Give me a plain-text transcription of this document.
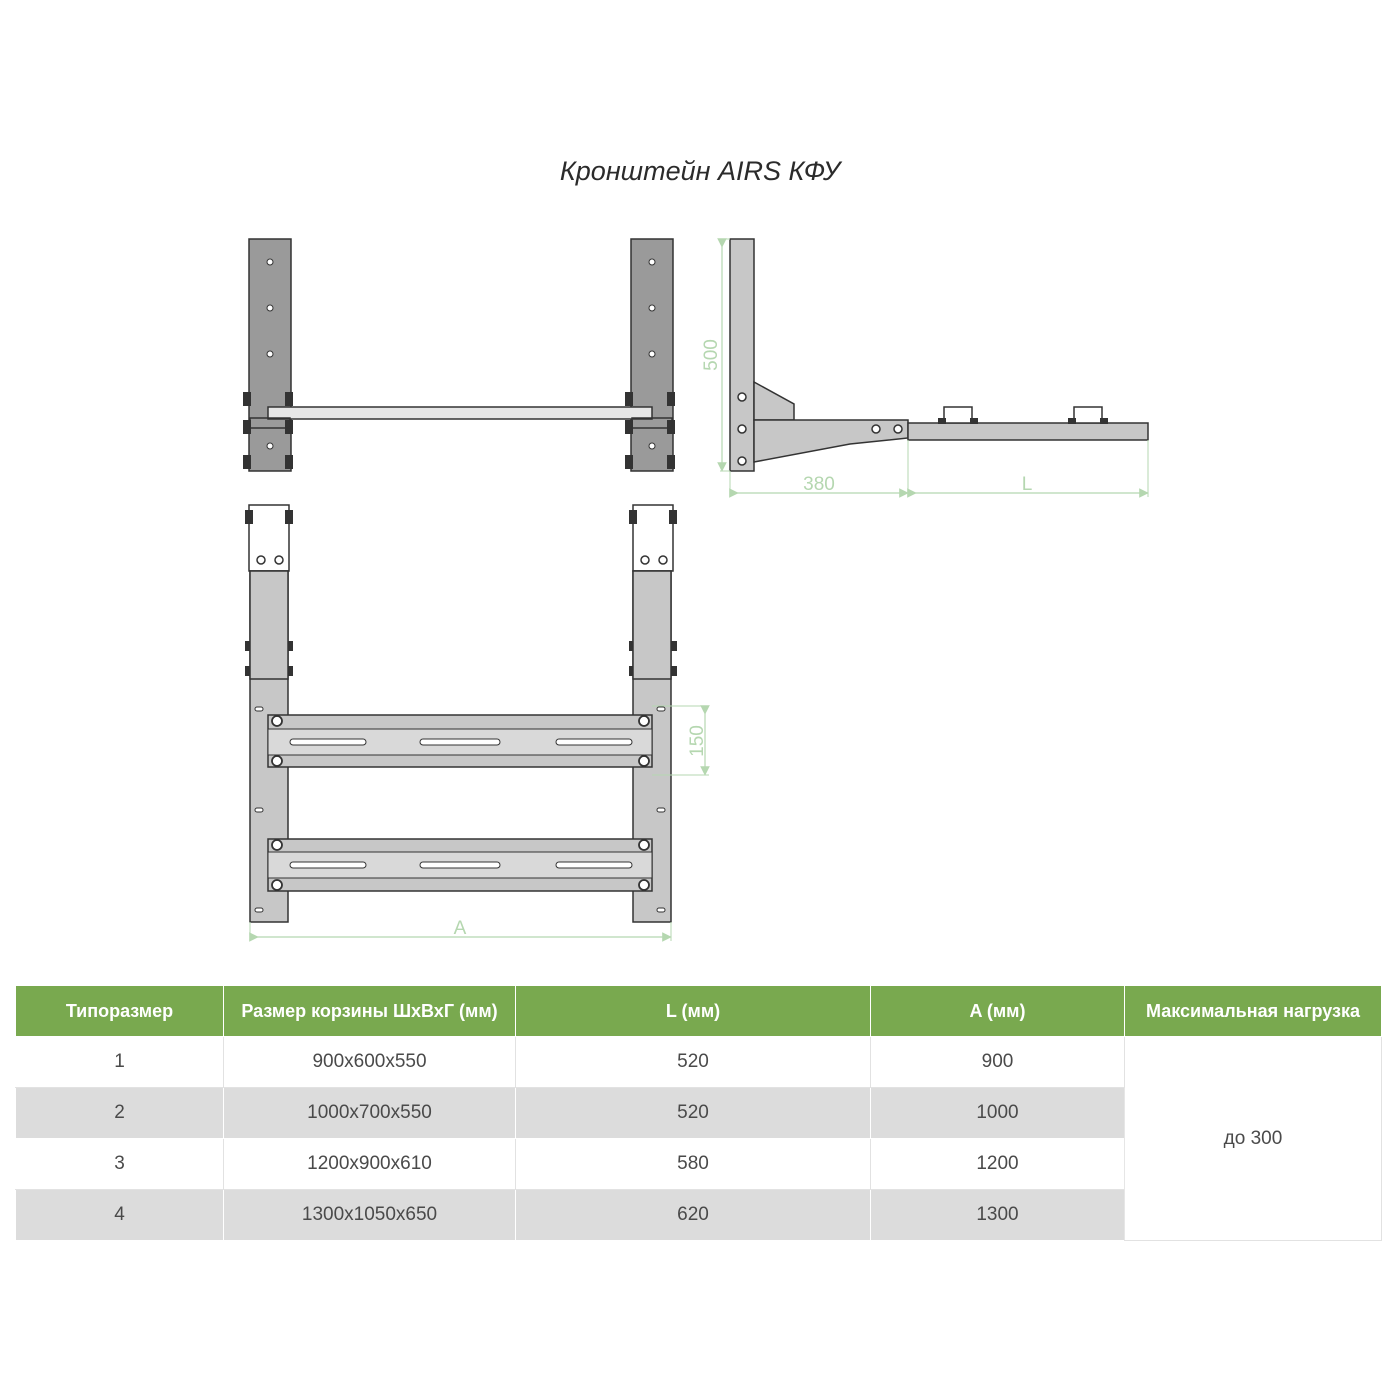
Кронштейн AIRS КФУ
500
380	L
150
A
Типоразмер	Размер корзины ШхВхГ (мм)	L (мм)	A (мм)	Максимальная нагрузка
1	900x600x550	520	900	до 300
2	1000x700x550	520	1000	
3	1200x900x610	580	1200	
4	1300x1050x650	620	1300	
